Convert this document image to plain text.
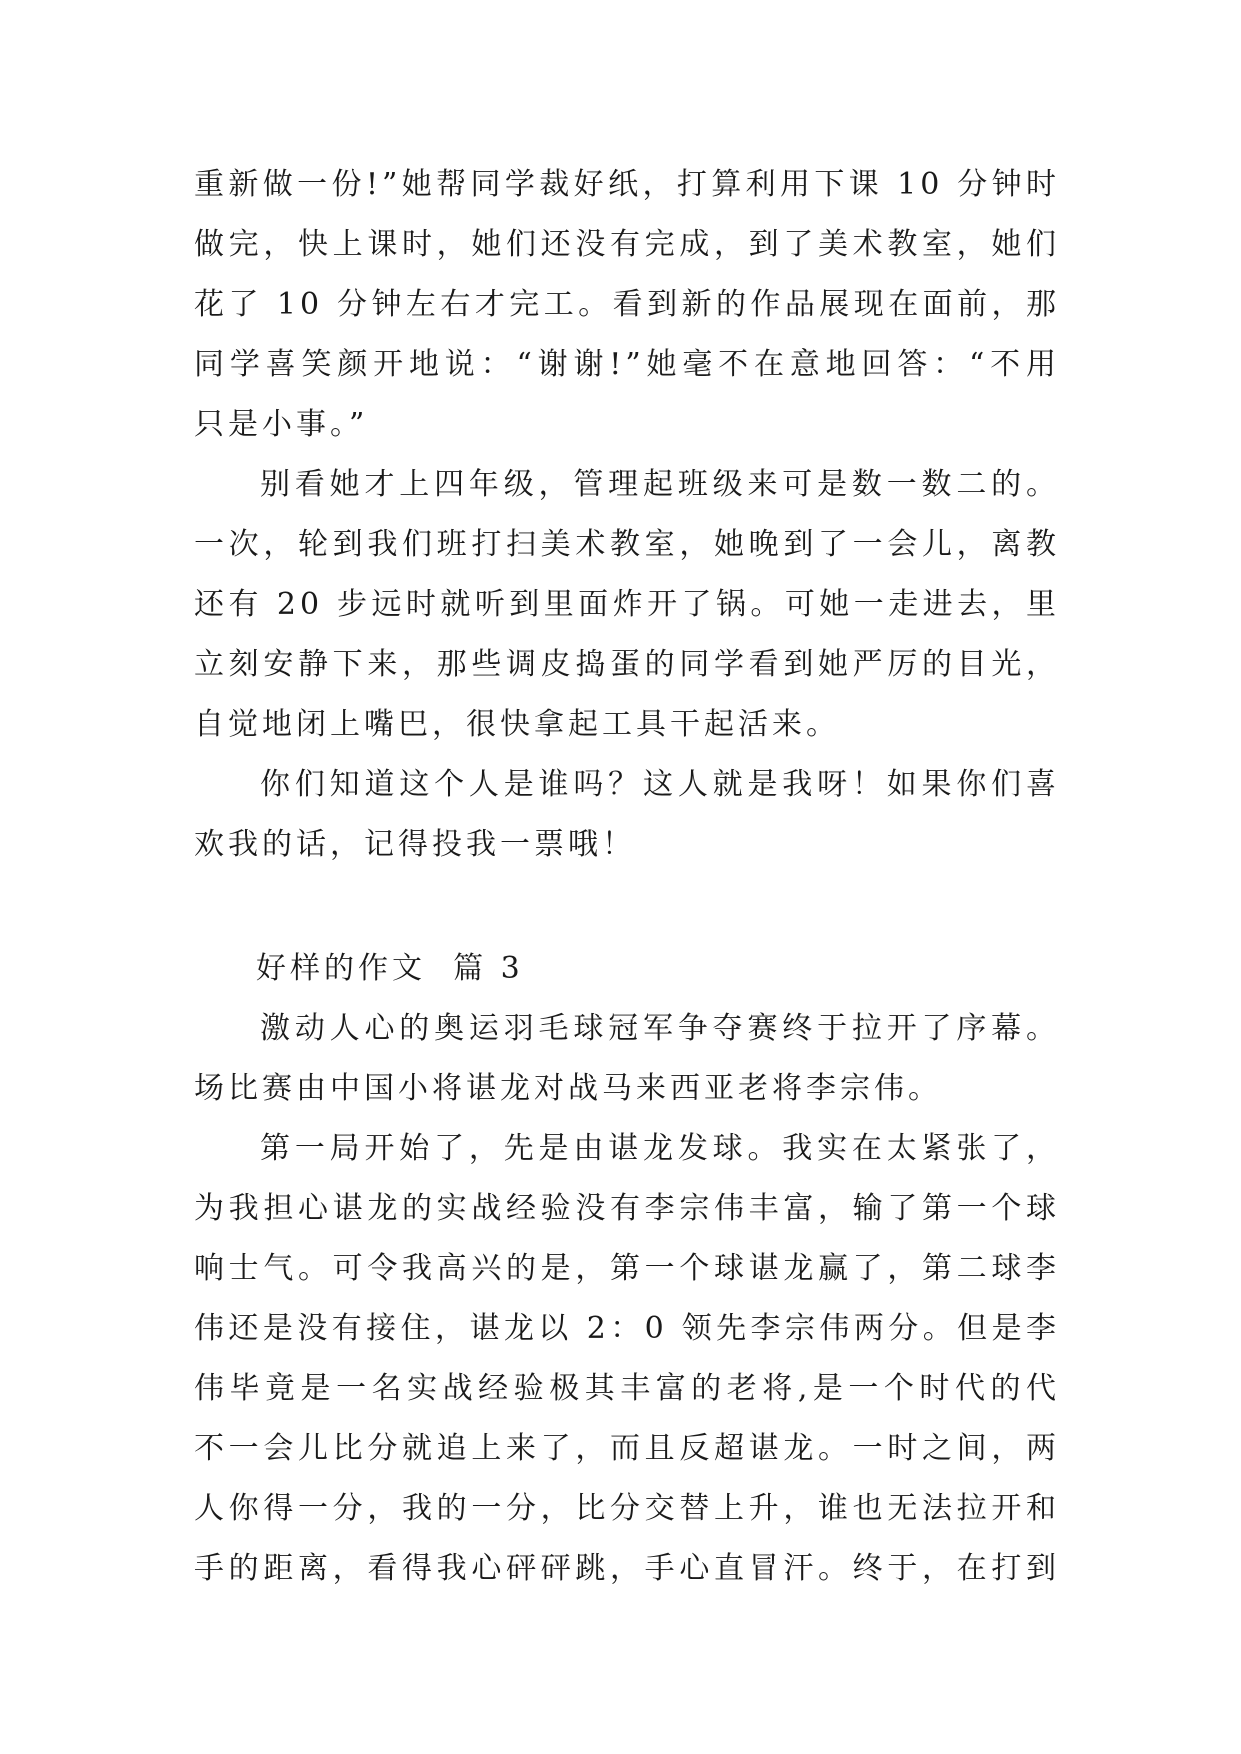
重新做一份!”她帮同学裁好纸，打算利用下课 10 分钟时
做完，快上课时，她们还没有完成，到了美术教室，她们
花了 10 分钟左右才完工。看到新的作品展现在面前，那
同学喜笑颜开地说：“谢谢!”她毫不在意地回答：“不用
只是小事。”
别看她才上四年级，管理起班级来可是数一数二的。
一次，轮到我们班打扫美术教室，她晚到了一会儿，离教
还有 20 步远时就听到里面炸开了锅。可她一走进去，里
立刻安静下来，那些调皮捣蛋的同学看到她严厉的目光，
自觉地闭上嘴巴，很快拿起工具干起活来。
你们知道这个人是谁吗？这人就是我呀！如果你们喜
欢我的话，记得投我一票哦！
好样的作文  篇 3
激动人心的奥运羽毛球冠军争夺赛终于拉开了序幕。
场比赛由中国小将谌龙对战马来西亚老将李宗伟。
第一局开始了，先是由谌龙发球。我实在太紧张了，
为我担心谌龙的实战经验没有李宗伟丰富，输了第一个球
响士气。可令我高兴的是，第一个球谌龙赢了，第二球李
伟还是没有接住，谌龙以 2：0 领先李宗伟两分。但是李
伟毕竟是一名实战经验极其丰富的老将,是一个时代的代
不一会儿比分就追上来了，而且反超谌龙。一时之间，两
人你得一分，我的一分，比分交替上升，谁也无法拉开和
手的距离，看得我心砰砰跳，手心直冒汗。终于，在打到
